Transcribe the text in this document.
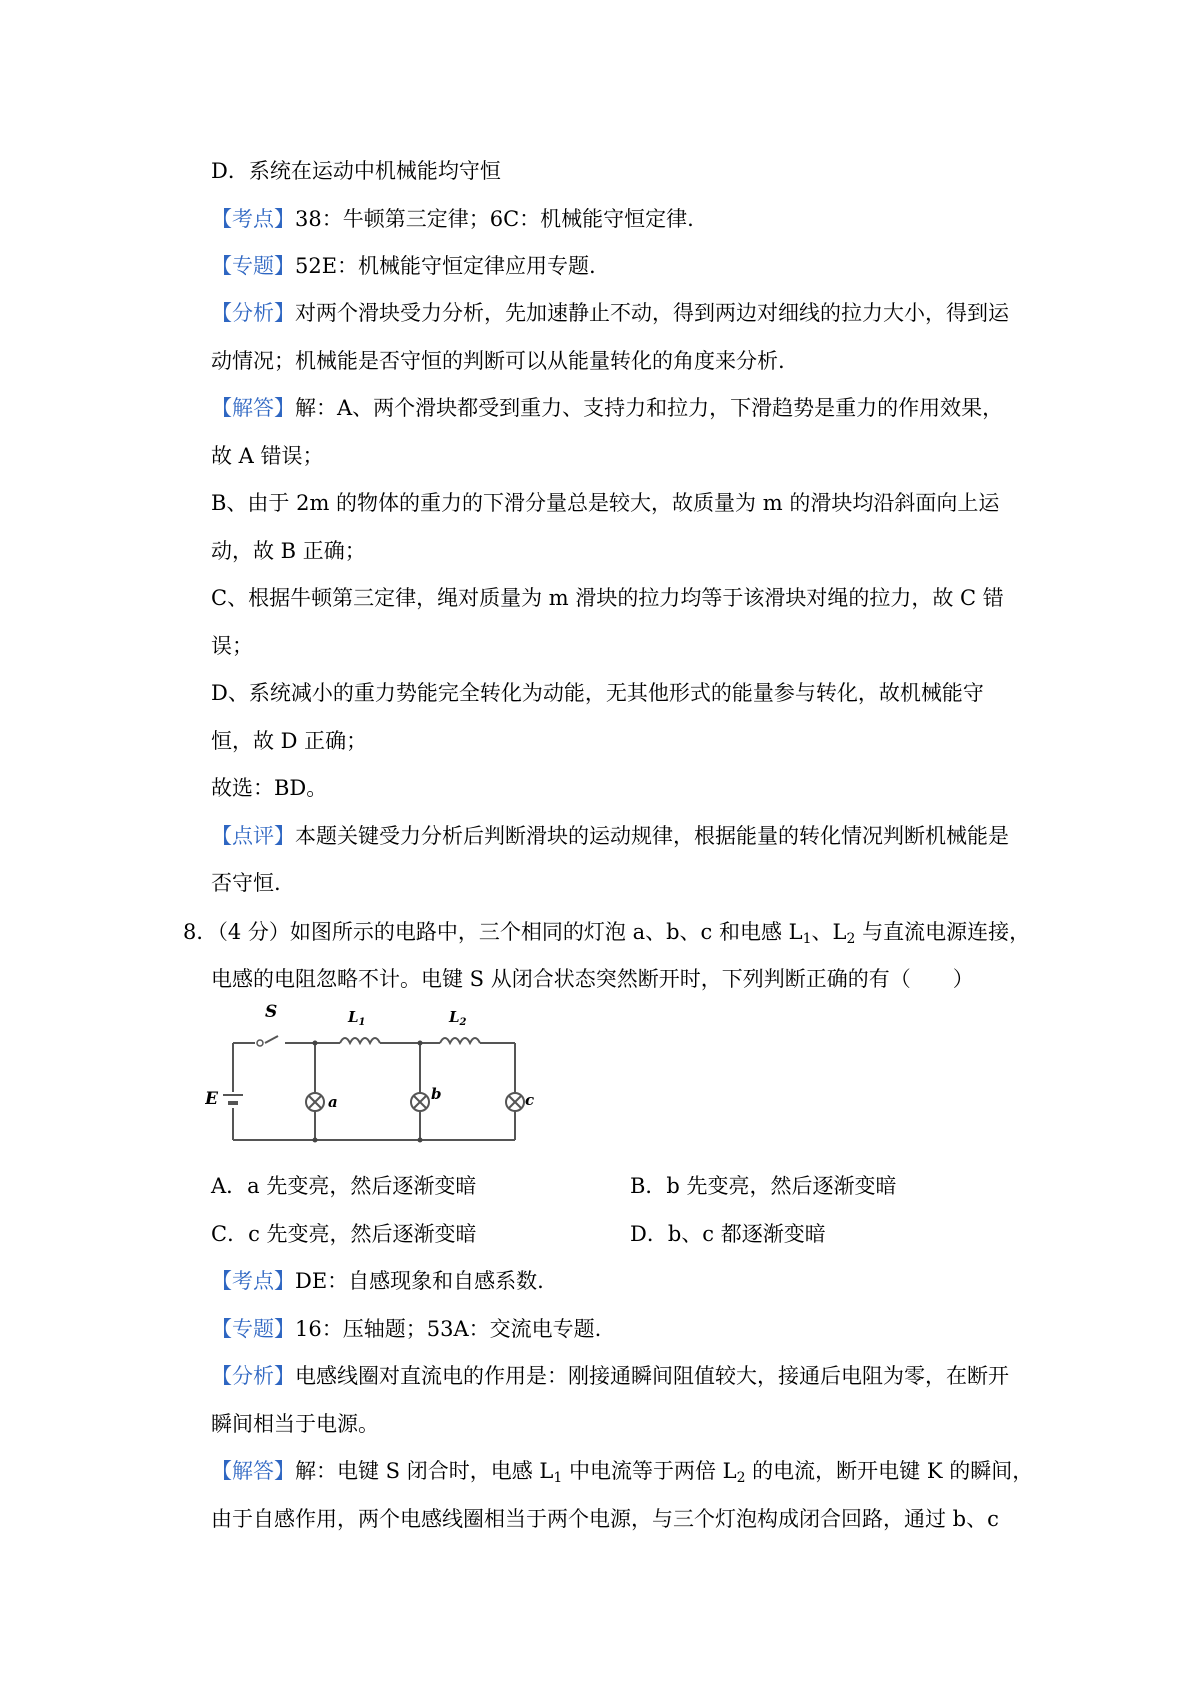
D．系统在运动中机械能均守恒
【考点】38：牛顿第三定律；6C：机械能守恒定律.
【专题】52E：机械能守恒定律应用专题.
【分析】对两个滑块受力分析，先加速静止不动，得到两边对细线的拉力大小，得到运
动情况；机械能是否守恒的判断可以从能量转化的角度来分析.
【解答】解：A、两个滑块都受到重力、支持力和拉力，下滑趋势是重力的作用效果，
故 A 错误；
B、由于 2m 的物体的重力的下滑分量总是较大，故质量为 m 的滑块均沿斜面向上运
动，故 B 正确；
C、根据牛顿第三定律，绳对质量为 m 滑块的拉力均等于该滑块对绳的拉力，故 C 错
误；
D、系统减小的重力势能完全转化为动能，无其他形式的能量参与转化，故机械能守
恒，故 D 正确；
故选：BD。
【点评】本题关键受力分析后判断滑块的运动规律，根据能量的转化情况判断机械能是
否守恒.
8．（4 分）如图所示的电路中，三个相同的灯泡 a、b、c 和电感 $L_1$、$L_2$ 与直流电源连接，
电感的电阻忽略不计。电键 S 从闭合状态突然断开时，下列判断正确的有（　　）
S
E
$L_1$	$L_2$
a	b	c
A．a 先变亮，然后逐渐变暗	B．b 先变亮，然后逐渐变暗
C．c 先变亮，然后逐渐变暗	D．b、c 都逐渐变暗
【考点】DE：自感现象和自感系数.
【专题】16：压轴题；53A：交流电专题.
【分析】电感线圈对直流电的作用是：刚接通瞬间阻值较大，接通后电阻为零，在断开
瞬间相当于电源。
【解答】解：电键 S 闭合时，电感 $L_1$ 中电流等于两倍 $L_2$ 的电流，断开电键 K 的瞬间，
由于自感作用，两个电感线圈相当于两个电源，与三个灯泡构成闭合回路，通过 b、c
